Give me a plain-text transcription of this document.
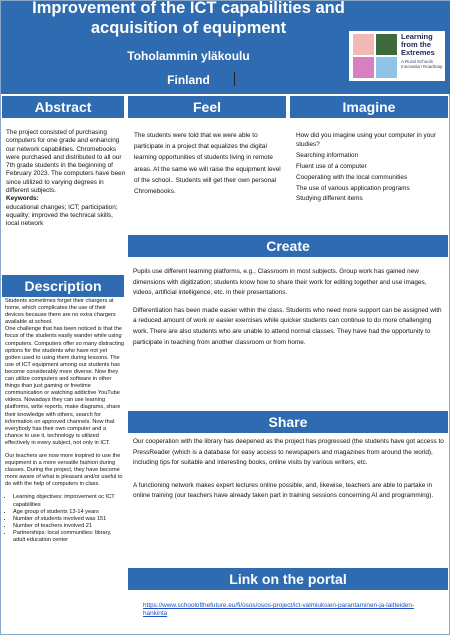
Improvement of the ICT capabilities and acquisition of equipment
Toholammin yläkoulu
Finland
Learning
from the
Extremes
A Rural Schools Innovation Roadmap
Abstract	Feel	Imagine

The project consisted of purchasing computers for one grade and enhancing our network capabilities. Chromebooks were purchased and distributed to all our 7th grade students in the beginning of February 2023. The computers have been since utilized to varying degrees in different subjects.

Keywords:
educational changes; ICT; participation; equality; improved the technical skills, local network

The students were told that we were able to participate in a project that equalizes the digital learning opportunities of students living in remote areas. At the same we will raise the equipment level of the school.. Students will get their own personal Chromebooks.

How did you imagine using your computer in your studies?
Searching information
Fluent use of a computer
Cooperating with the local communities
The use of various application programs
Studying different items
Create

Pupils use different learning platforms, e.g., Classroom in most subjects. Group work has gained new dimensions with digitization; students know how to share their work for editing together and use images, videos, artificial intelligence, etc. in their presentations.

Differentiation has been made easier within the class. Students who need more support can be assigned with a reduced amount of work or easier exercises while quicker students can continue to do more challenging work. There are also students who are unable to attend normal classes. They have had the opportunity to participate in teaching from another classroom or from home.

Description

Students sometimes forget their chargers at home, which complicates the use of their devices because there are no extra chargers available at school.

One challenge that has been noticed is that the focus of the students easily wander while using computers. Computers offer so many distracting options for the students who have not yet gotten used to using them during lessons. The use of ICT equipment among our students has become considerably more diverse. Now they can utilize computers and software in other things than just gaming or freetime communication or watching addictive YouTube videos. Nowadays they can use learning platforms, write reports, make diagrams, share their knowledge with others, search for information on approved channels. Now that everybody has their own computer and a chance to use it, technology is utilized effectively in every subject, not only in ICT.

Our teachers are now more inspired to use the equipment in a more versatile fashion during classes. During the project, they have become more aware of what is pleasant and/or useful to do with the help of computers in class.

• Learning objectives: improvement oc ICT capabilities
• Age group of students 13-14 years
• Number of students involved was 151
• Number of teachers involved 21
• Partnerships: local communities: library, adult education center
Share

Our cooperation with the library has deepened as the project has progressed (the students have got access to PressReader (which is a database for easy access to newspapers and magazines from around the world), including tips for suitable and interesting books, online visits by various writers, etc.

A functioning network makes expert lectures online possible, and, likewise, teachers are able to partake in online training (our teachers have already taken part in training sessions concerning AI and programming).

Link on the portal
https://www.schoolofthefuture.eu/fi/osos/osos-project/ict-valmiuksien-parantaminen-ja-laitteiden-hankinta
